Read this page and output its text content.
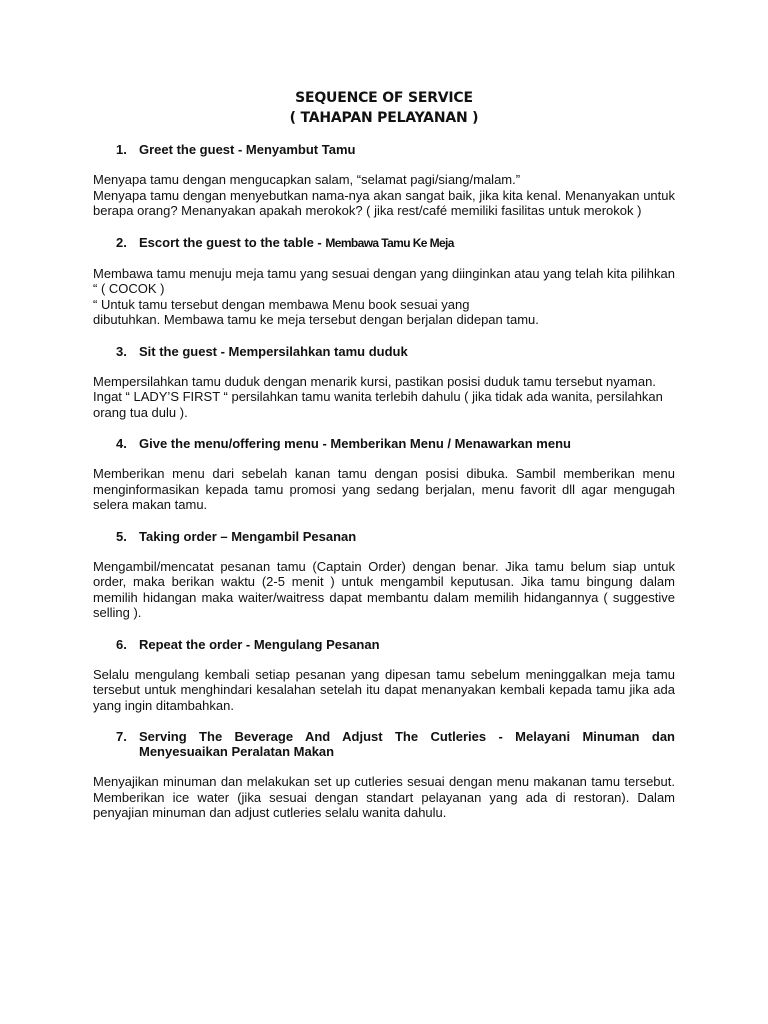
SEQUENCE OF SERVICE
( TAHAPAN PELAYANAN )
1. Greet the guest - Menyambut Tamu

Menyapa tamu dengan mengucapkan salam, “selamat pagi/siang/malam.”

Menyapa tamu dengan menyebutkan nama-nya akan sangat baik, jika kita kenal. Menanyakan untuk berapa orang? Menanyakan apakah merokok? ( jika rest/café memiliki fasilitas untuk merokok )

2. Escort the guest to the table - Membawa Tamu Ke Meja

Membawa tamu menuju meja tamu yang sesuai dengan yang diinginkan atau yang telah kita pilihkan “ ( COCOK )

“ Untuk tamu tersebut dengan membawa Menu book sesuai yang

dibutuhkan. Membawa tamu ke meja tersebut dengan berjalan didepan tamu.

3. Sit the guest - Mempersilahkan tamu duduk

Mempersilahkan tamu duduk dengan menarik kursi, pastikan posisi duduk tamu tersebut nyaman.

Ingat “ LADY’S FIRST “ persilahkan tamu wanita terlebih dahulu ( jika tidak ada wanita, persilahkan orang tua dulu ).

4. Give the menu/offering menu - Memberikan Menu / Menawarkan menu

Memberikan menu dari sebelah kanan tamu dengan posisi dibuka. Sambil memberikan menu menginformasikan kepada tamu promosi yang sedang berjalan, menu favorit dll agar mengugah selera makan tamu.

5. Taking order – Mengambil Pesanan

Mengambil/mencatat pesanan tamu (Captain Order) dengan benar. Jika tamu belum siap untuk order, maka berikan waktu (2-5 menit ) untuk mengambil keputusan. Jika tamu bingung dalam memilih hidangan maka waiter/waitress dapat membantu dalam memilih hidangannya ( suggestive selling ).

6. Repeat the order - Mengulang Pesanan

Selalu mengulang kembali setiap pesanan yang dipesan tamu sebelum meninggalkan meja tamu tersebut untuk menghindari kesalahan setelah itu dapat menanyakan kembali kepada tamu jika ada yang ingin ditambahkan.

7. Serving The Beverage And Adjust The Cutleries - Melayani Minuman dan Menyesuaikan Peralatan Makan

Menyajikan minuman dan melakukan set up cutleries sesuai dengan menu makanan tamu tersebut. Memberikan ice water (jika sesuai dengan standart pelayanan yang ada di restoran). Dalam penyajian minuman dan adjust cutleries selalu wanita dahulu.
